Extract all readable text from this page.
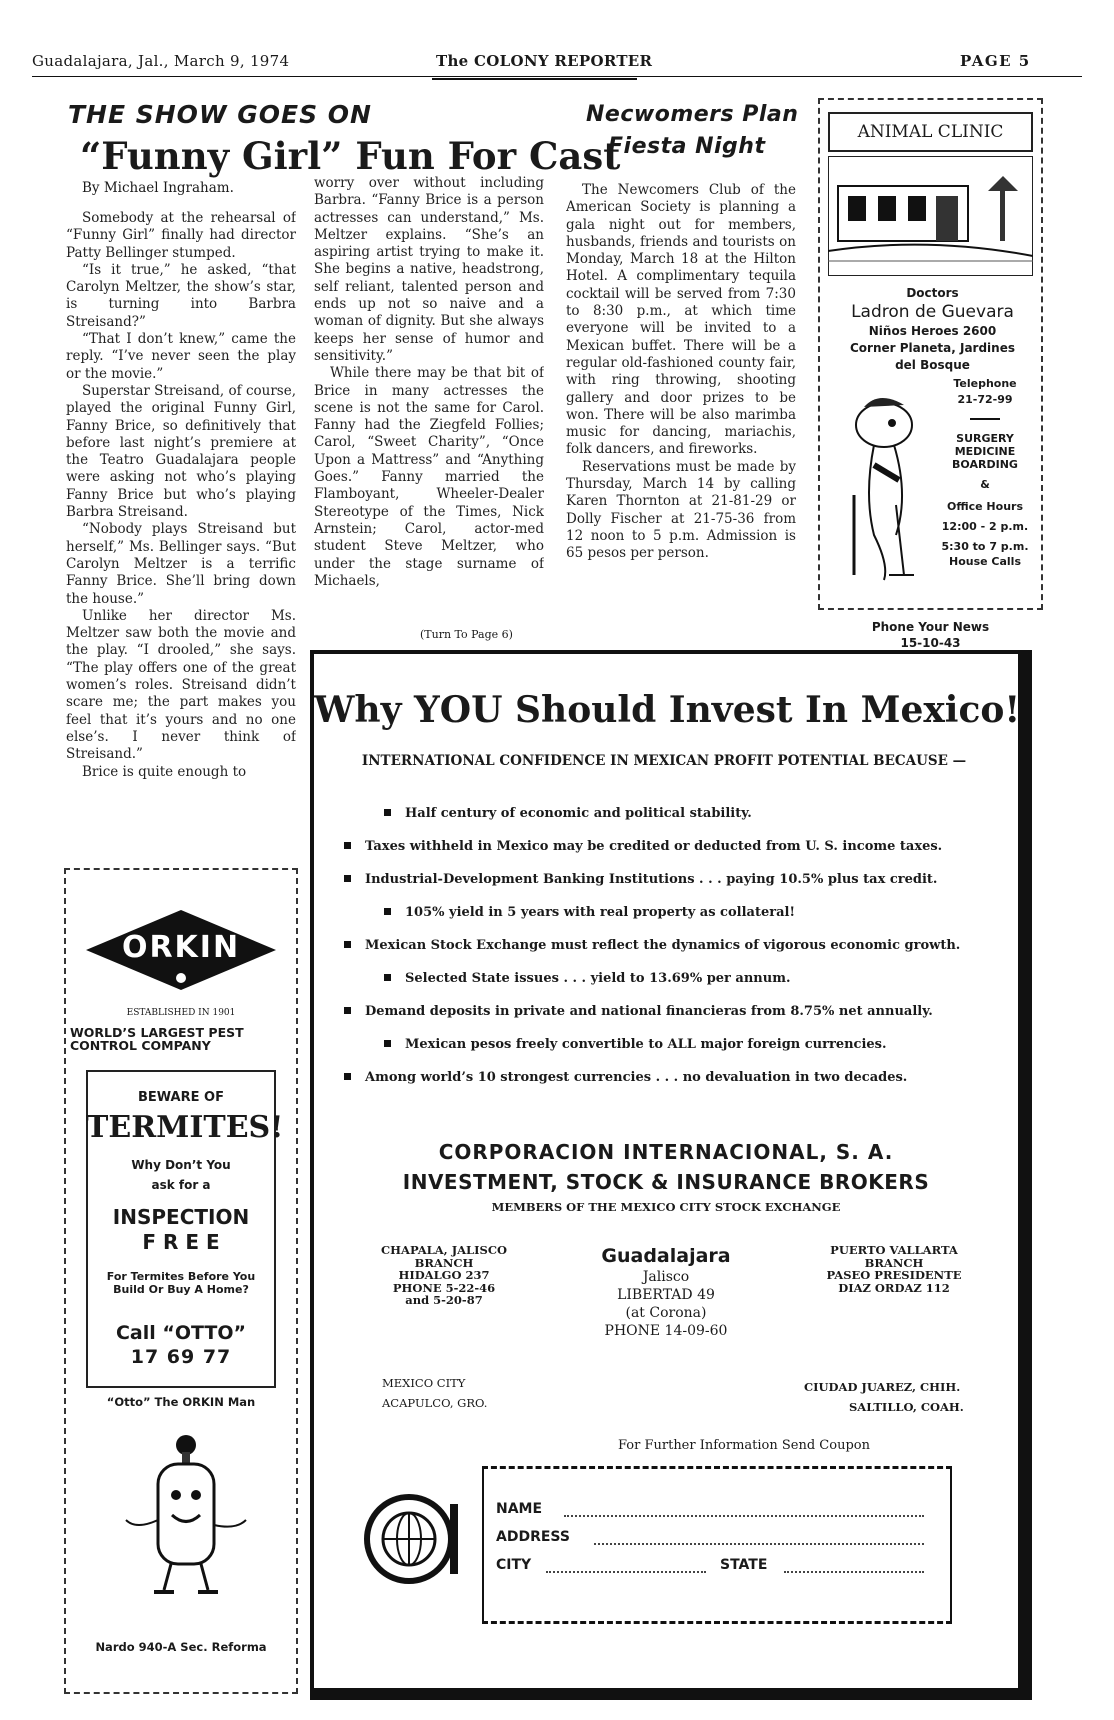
Guadalajara, Jal., March 9, 1974	The COLONY REPORTER	PAGE 5
THE SHOW GOES ON
“Funny Girl” Fun For Cast
By Michael Ingraham.

Somebody at the rehearsal of “Funny Girl” finally had director Patty Bellinger stumped.

“Is it true,” he asked, “that Carolyn Meltzer, the show’s star, is turning into Barbra Streisand?”

“That I don’t knew,” came the reply. “I’ve never seen the play or the movie.”

Superstar Streisand, of course, played the original Funny Girl, Fanny Brice, so definitively that before last night’s premiere at the Teatro Guadalajara people were asking not who’s playing Fanny Brice but who’s playing Barbra Streisand.

“Nobody plays Streisand but herself,” Ms. Bellinger says. “But Carolyn Meltzer is a terrific Fanny Brice. She’ll bring down the house.”

Unlike her director Ms. Meltzer saw both the movie and the play. “I drooled,” she says. “The play offers one of the great women’s roles. Streisand didn’t scare me; the part makes you feel that it’s yours and no one else’s. I never think of Streisand.”

Brice is quite enough to

worry over without including Barbra. “Fanny Brice is a person actresses can understand,” Ms. Meltzer explains. “She’s an aspiring artist trying to make it. She begins a native, headstrong, self reliant, talented person and ends up not so naive and a woman of dignity. But she always keeps her sense of humor and sensitivity.”

While there may be that bit of Brice in many actresses the scene is not the same for Carol. Fanny had the Ziegfeld Follies; Carol, “Sweet Charity”, “Once Upon a Mattress” and “Anything Goes.” Fanny married the Flamboyant, Wheeler-Dealer Stereotype of the Times, Nick Arnstein; Carol, actor-med student Steve Meltzer, who under the stage surname of Michaels,

(Turn To Page 6)
Necwomers Plan
Fiesta Night

The Newcomers Club of the American Society is planning a gala night out for members, husbands, friends and tourists on Monday, March 18 at the Hilton Hotel. A complimentary tequila cocktail will be served from 7:30 to 8:30 p.m., at which time everyone will be invited to a Mexican buffet. There will be a regular old-fashioned county fair, with ring throwing, shooting gallery and door prizes to be won. There will be also marimba music for dancing, mariachis, folk dancers, and fireworks.

Reservations must be made by Thursday, March 14 by calling Karen Thornton at 21-81-29 or Dolly Fischer at 21-75-36 from 12 noon to 5 p.m. Admission is 65 pesos per person.

ANIMAL CLINIC
Doctors
Ladron de Guevara
Niños Heroes 2600
Corner Planeta, Jardines
del Bosque
Telephone
21-72-99
SURGERY
MEDICINE
BOARDING
&
Office Hours
12:00 - 2 p.m.
5:30 to 7 p.m.
House Calls
Phone Your News
15-10-43
ORKIN
ESTABLISHED IN 1901
WORLD’S LARGEST PEST CONTROL COMPANY
BEWARE OF
TERMITES!
Why Don’t You
ask for a
INSPECTION
F R E E
For Termites Before You Build Or Buy A Home?
Call “OTTO”
17 69 77
“Otto” The ORKIN Man
Nardo 940-A Sec. Reforma
Why YOU Should Invest In Mexico!
INTERNATIONAL CONFIDENCE IN MEXICAN PROFIT POTENTIAL BECAUSE —
Half century of economic and political stability.
Taxes withheld in Mexico may be credited or deducted from U. S. income taxes.
Industrial-Development Banking Institutions . . . paying 10.5% plus tax credit.
105% yield in 5 years with real property as collateral!
Mexican Stock Exchange must reflect the dynamics of vigorous economic growth.
Selected State issues . . . yield to 13.69% per annum.
Demand deposits in private and national financieras from 8.75% net annually.
Mexican pesos freely convertible to ALL major foreign currencies.
Among world’s 10 strongest currencies . . . no devaluation in two decades.
CORPORACION INTERNACIONAL, S. A.
INVESTMENT, STOCK & INSURANCE BROKERS
MEMBERS OF THE MEXICO CITY STOCK EXCHANGE
CHAPALA, JALISCO
BRANCH
HIDALGO 237
PHONE 5-22-46
and 5-20-87
Guadalajara
Jalisco
LIBERTAD 49
(at Corona)
PHONE 14-09-60
PUERTO VALLARTA
BRANCH
PASEO PRESIDENTE
DIAZ ORDAZ 112
MEXICO CITY
ACAPULCO, GRO.
CIUDAD JUAREZ, CHIH.
SALTILLO, COAH.
For Further Information Send Coupon
NAME
ADDRESS
CITY	STATE
